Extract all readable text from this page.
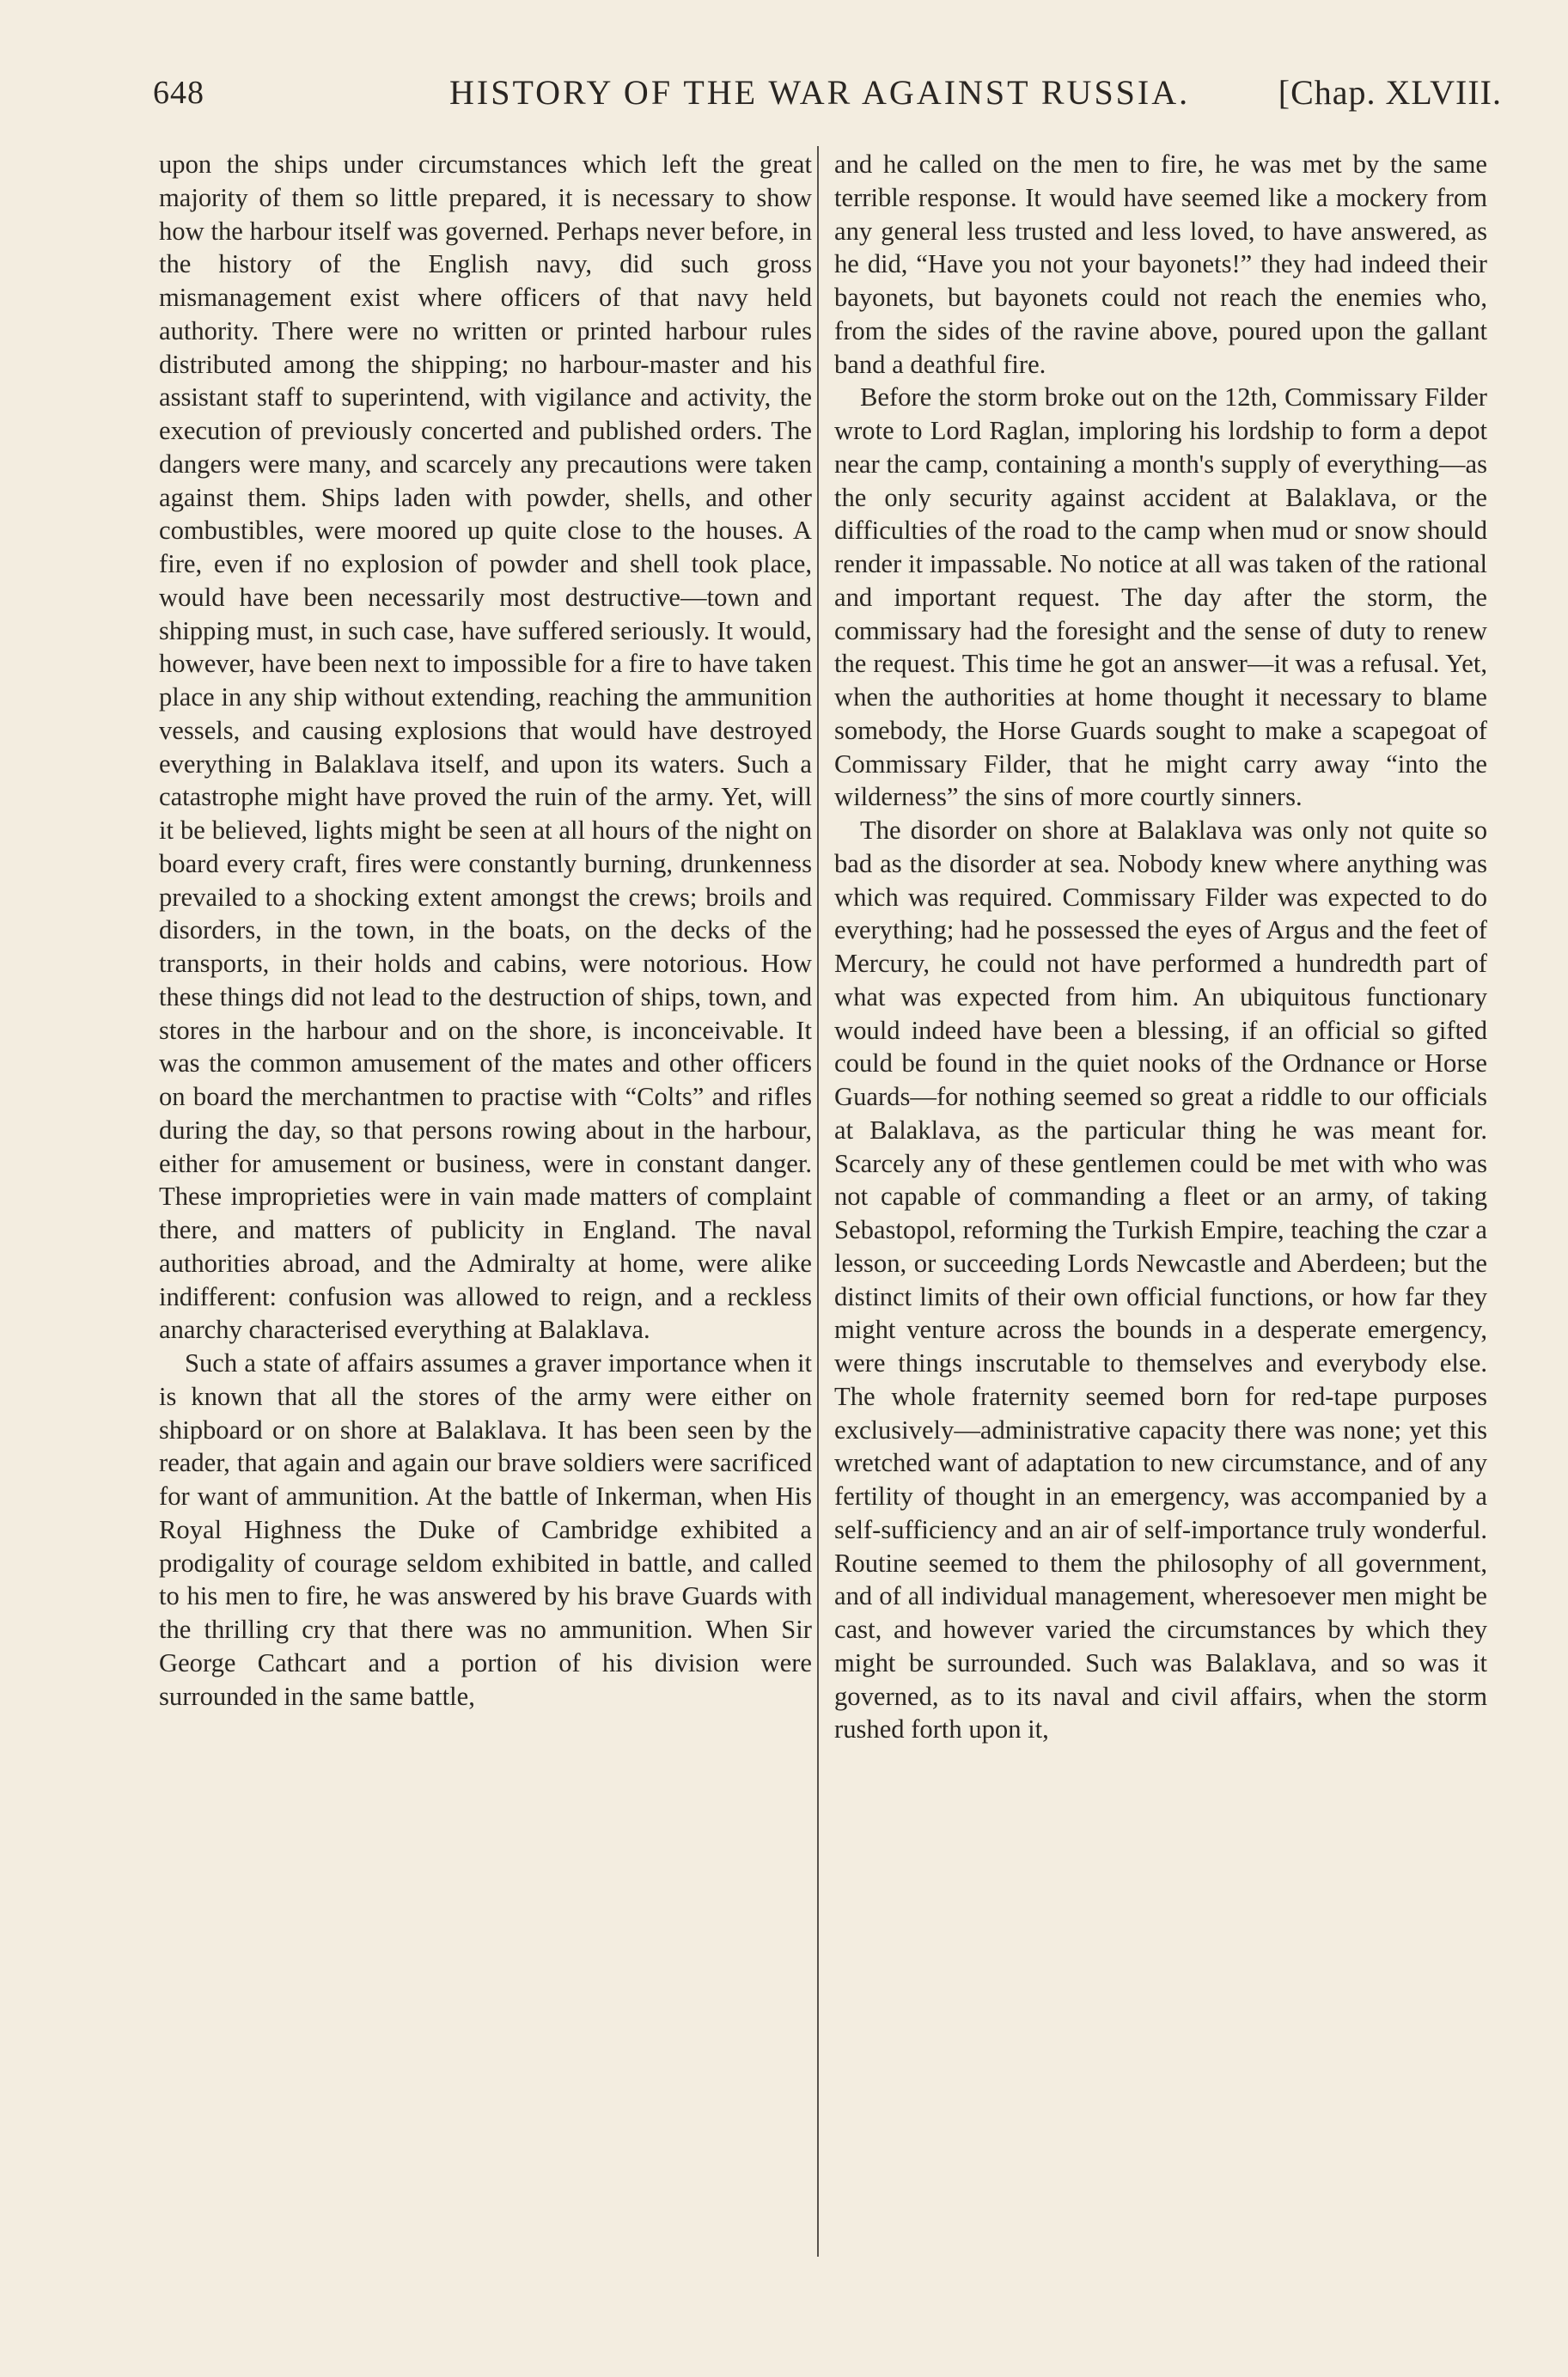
648	HISTORY OF THE WAR AGAINST RUSSIA.	[Chap. XLVIII.

upon the ships under circumstances which left the great majority of them so little prepared, it is necessary to show how the harbour itself was governed. Perhaps never before, in the history of the English navy, did such gross mismanagement exist where officers of that navy held authority. There were no written or printed harbour rules distributed among the shipping; no harbour-master and his assistant staff to superintend, with vigilance and activity, the execution of previously concerted and published orders. The dangers were many, and scarcely any precautions were taken against them. Ships laden with powder, shells, and other combustibles, were moored up quite close to the houses. A fire, even if no explosion of powder and shell took place, would have been necessarily most destructive—town and shipping must, in such case, have suffered seriously. It would, however, have been next to impossible for a fire to have taken place in any ship without extending, reaching the ammunition vessels, and causing explosions that would have destroyed everything in Balaklava itself, and upon its waters. Such a catastrophe might have proved the ruin of the army. Yet, will it be believed, lights might be seen at all hours of the night on board every craft, fires were constantly burning, drunkenness prevailed to a shocking extent amongst the crews; broils and disorders, in the town, in the boats, on the decks of the transports, in their holds and cabins, were notorious. How these things did not lead to the destruction of ships, town, and stores in the harbour and on the shore, is inconceivable. It was the common amusement of the mates and other officers on board the merchantmen to practise with “Colts” and rifles during the day, so that persons rowing about in the harbour, either for amusement or business, were in constant danger. These improprieties were in vain made matters of complaint there, and matters of publicity in England. The naval authorities abroad, and the Admiralty at home, were alike indifferent: confusion was allowed to reign, and a reckless anarchy characterised everything at Balaklava.

Such a state of affairs assumes a graver importance when it is known that all the stores of the army were either on shipboard or on shore at Balaklava. It has been seen by the reader, that again and again our brave soldiers were sacrificed for want of ammunition. At the battle of Inkerman, when His Royal Highness the Duke of Cambridge exhibited a prodigality of courage seldom exhibited in battle, and called to his men to fire, he was answered by his brave Guards with the thrilling cry that there was no ammunition. When Sir George Cathcart and a portion of his division were surrounded in the same battle,

and he called on the men to fire, he was met by the same terrible response. It would have seemed like a mockery from any general less trusted and less loved, to have answered, as he did, “Have you not your bayonets!” they had indeed their bayonets, but bayonets could not reach the enemies who, from the sides of the ravine above, poured upon the gallant band a deathful fire.

Before the storm broke out on the 12th, Commissary Filder wrote to Lord Raglan, imploring his lordship to form a depot near the camp, containing a month's supply of everything—as the only security against accident at Balaklava, or the difficulties of the road to the camp when mud or snow should render it impassable. No notice at all was taken of the rational and important request. The day after the storm, the commissary had the foresight and the sense of duty to renew the request. This time he got an answer—it was a refusal. Yet, when the authorities at home thought it necessary to blame somebody, the Horse Guards sought to make a scapegoat of Commissary Filder, that he might carry away “into the wilderness” the sins of more courtly sinners.

The disorder on shore at Balaklava was only not quite so bad as the disorder at sea. Nobody knew where anything was which was required. Commissary Filder was expected to do everything; had he possessed the eyes of Argus and the feet of Mercury, he could not have performed a hundredth part of what was expected from him. An ubiquitous functionary would indeed have been a blessing, if an official so gifted could be found in the quiet nooks of the Ordnance or Horse Guards—for nothing seemed so great a riddle to our officials at Balaklava, as the particular thing he was meant for. Scarcely any of these gentlemen could be met with who was not capable of commanding a fleet or an army, of taking Sebastopol, reforming the Turkish Empire, teaching the czar a lesson, or succeeding Lords Newcastle and Aberdeen; but the distinct limits of their own official functions, or how far they might venture across the bounds in a desperate emergency, were things inscrutable to themselves and everybody else. The whole fraternity seemed born for red-tape purposes exclusively—administrative capacity there was none; yet this wretched want of adaptation to new circumstance, and of any fertility of thought in an emergency, was accompanied by a self-sufficiency and an air of self-importance truly wonderful. Routine seemed to them the philosophy of all government, and of all individual management, wheresoever men might be cast, and however varied the circumstances by which they might be surrounded. Such was Balaklava, and so was it governed, as to its naval and civil affairs, when the storm rushed forth upon it,
